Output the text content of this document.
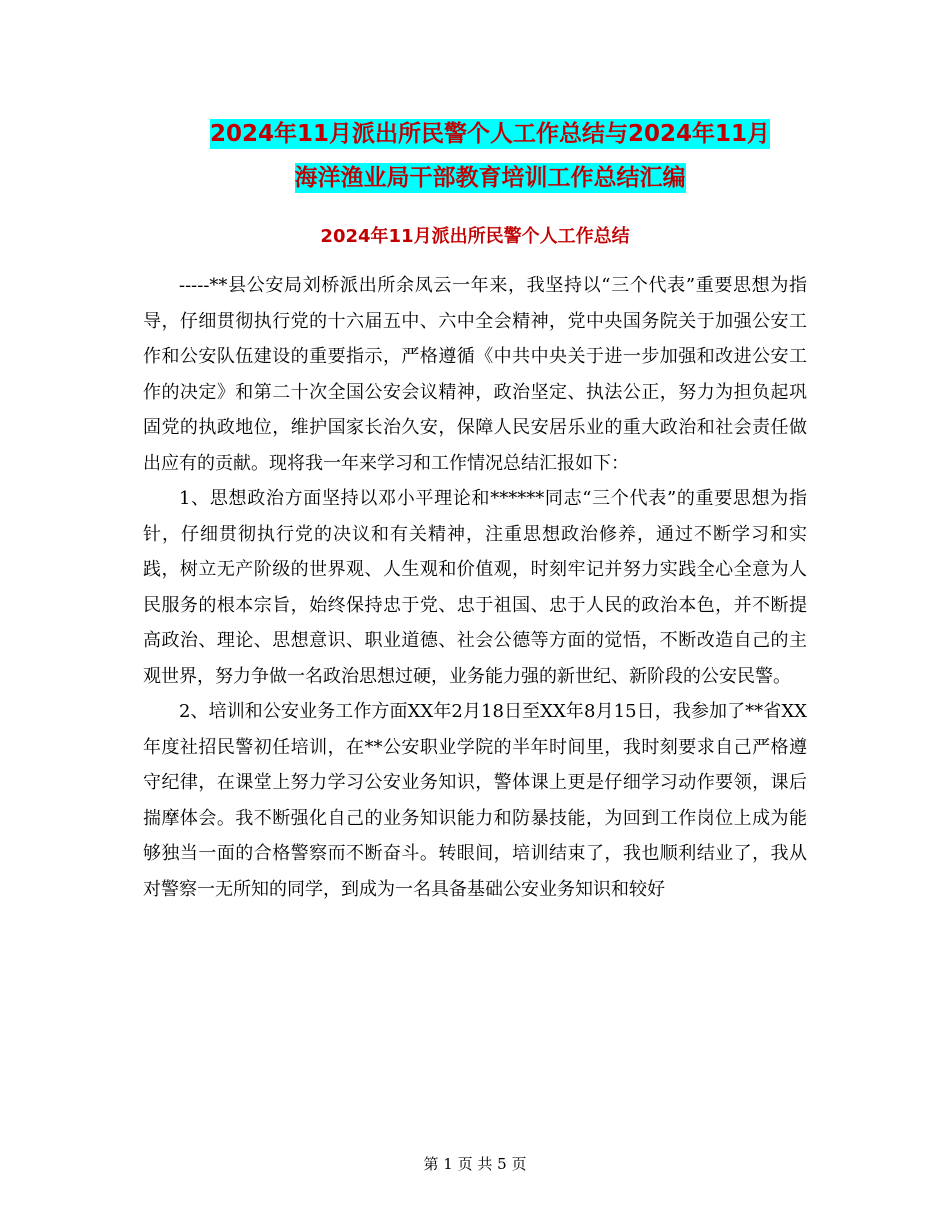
2024年11月派出所民警个人工作总结与2024年11月
海洋渔业局干部教育培训工作总结汇编
2024年11月派出所民警个人工作总结

-----**县公安局刘桥派出所余凤云一年来，我坚持以“三个代表”重要思想为指导，仔细贯彻执行党的十六届五中、六中全会精神，党中央国务院关于加强公安工作和公安队伍建设的重要指示，严格遵循《中共中央关于进一步加强和改进公安工作的决定》和第二十次全国公安会议精神，政治坚定、执法公正，努力为担负起巩固党的执政地位，维护国家长治久安，保障人民安居乐业的重大政治和社会责任做出应有的贡献。现将我一年来学习和工作情况总结汇报如下：

1、思想政治方面坚持以邓小平理论和******同志“三个代表”的重要思想为指针，仔细贯彻执行党的决议和有关精神，注重思想政治修养，通过不断学习和实践，树立无产阶级的世界观、人生观和价值观，时刻牢记并努力实践全心全意为人民服务的根本宗旨，始终保持忠于党、忠于祖国、忠于人民的政治本色，并不断提高政治、理论、思想意识、职业道德、社会公德等方面的觉悟，不断改造自己的主观世界，努力争做一名政治思想过硬，业务能力强的新世纪、新阶段的公安民警。

2、培训和公安业务工作方面XX年2月18日至XX年8月15日，我参加了**省XX年度社招民警初任培训，在**公安职业学院的半年时间里，我时刻要求自己严格遵守纪律，在课堂上努力学习公安业务知识，警体课上更是仔细学习动作要领，课后揣摩体会。我不断强化自己的业务知识能力和防暴技能，为回到工作岗位上成为能够独当一面的合格警察而不断奋斗。转眼间，培训结束了，我也顺利结业了，我从对警察一无所知的同学，到成为一名具备基础公安业务知识和较好

第 1 页 共 5 页
